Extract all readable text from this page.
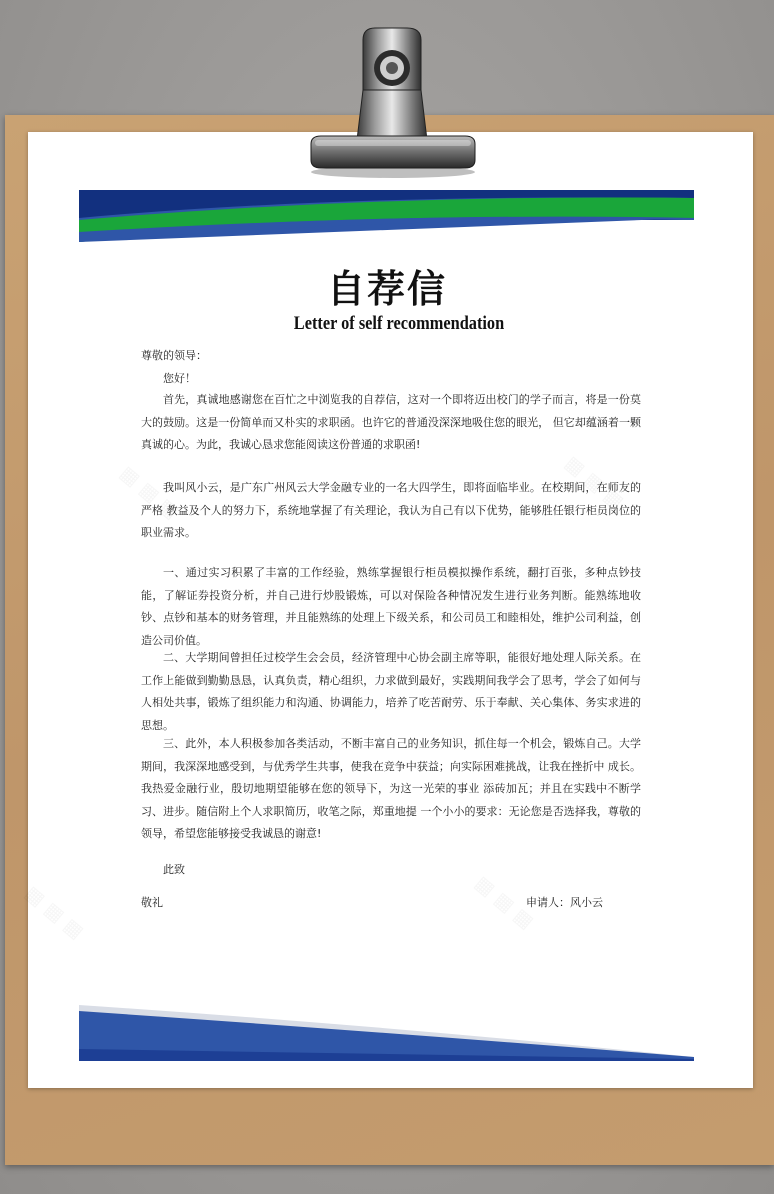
自荐信
Letter of self recommendation

尊敬的领导：

您好！

首先，真诚地感谢您在百忙之中浏览我的自荐信，这对一个即将迈出校门的学子而言，将是一份莫大的鼓励。这是一份简单而又朴实的求职函。也许它的普通没深深地吸住您的眼光， 但它却蕴涵着一颗真诚的心。为此，我诚心恳求您能阅读这份普通的求职函!

我叫风小云，是广东广州风云大学金融专业的一名大四学生，即将面临毕业。在校期间，在师友的严格 教益及个人的努力下，系统地掌握了有关理论，我认为自己有以下优势，能够胜任银行柜员岗位的职业需求。

一、通过实习积累了丰富的工作经验，熟练掌握银行柜员模拟操作系统，翻打百张，多种点钞技能，了解证券投资分析，并自己进行炒股锻炼，可以对保险各种情况发生进行业务判断。能熟练地收钞、点钞和基本的财务管理，并且能熟练的处理上下级关系，和公司员工和睦相处，维护公司利益，创造公司价值。

二、大学期间曾担任过校学生会会员，经济管理中心协会副主席等职，能很好地处理人际关系。在工作上能做到勤勤恳恳，认真负责，精心组织，力求做到最好，实践期间我学会了思考，学会了如何与人相处共事，锻炼了组织能力和沟通、协调能力，培养了吃苦耐劳、乐于奉献、关心集体、务实求进的思想。

三、此外，本人积极参加各类活动，不断丰富自己的业务知识，抓住每一个机会，锻炼自己。大学期间，我深深地感受到，与优秀学生共事，使我在竞争中获益；向实际困难挑战，让我在挫折中 成长。我热爱金融行业，殷切地期望能够在您的领导下，为这一光荣的事业 添砖加瓦；并且在实践中不断学习、进步。随信附上个人求职简历，收笔之际，郑重地提 一个小小的要求：无论您是否选择我，尊敬的领导，希望您能够接受我诚恳的谢意!

此致

敬礼	申请人：风小云
